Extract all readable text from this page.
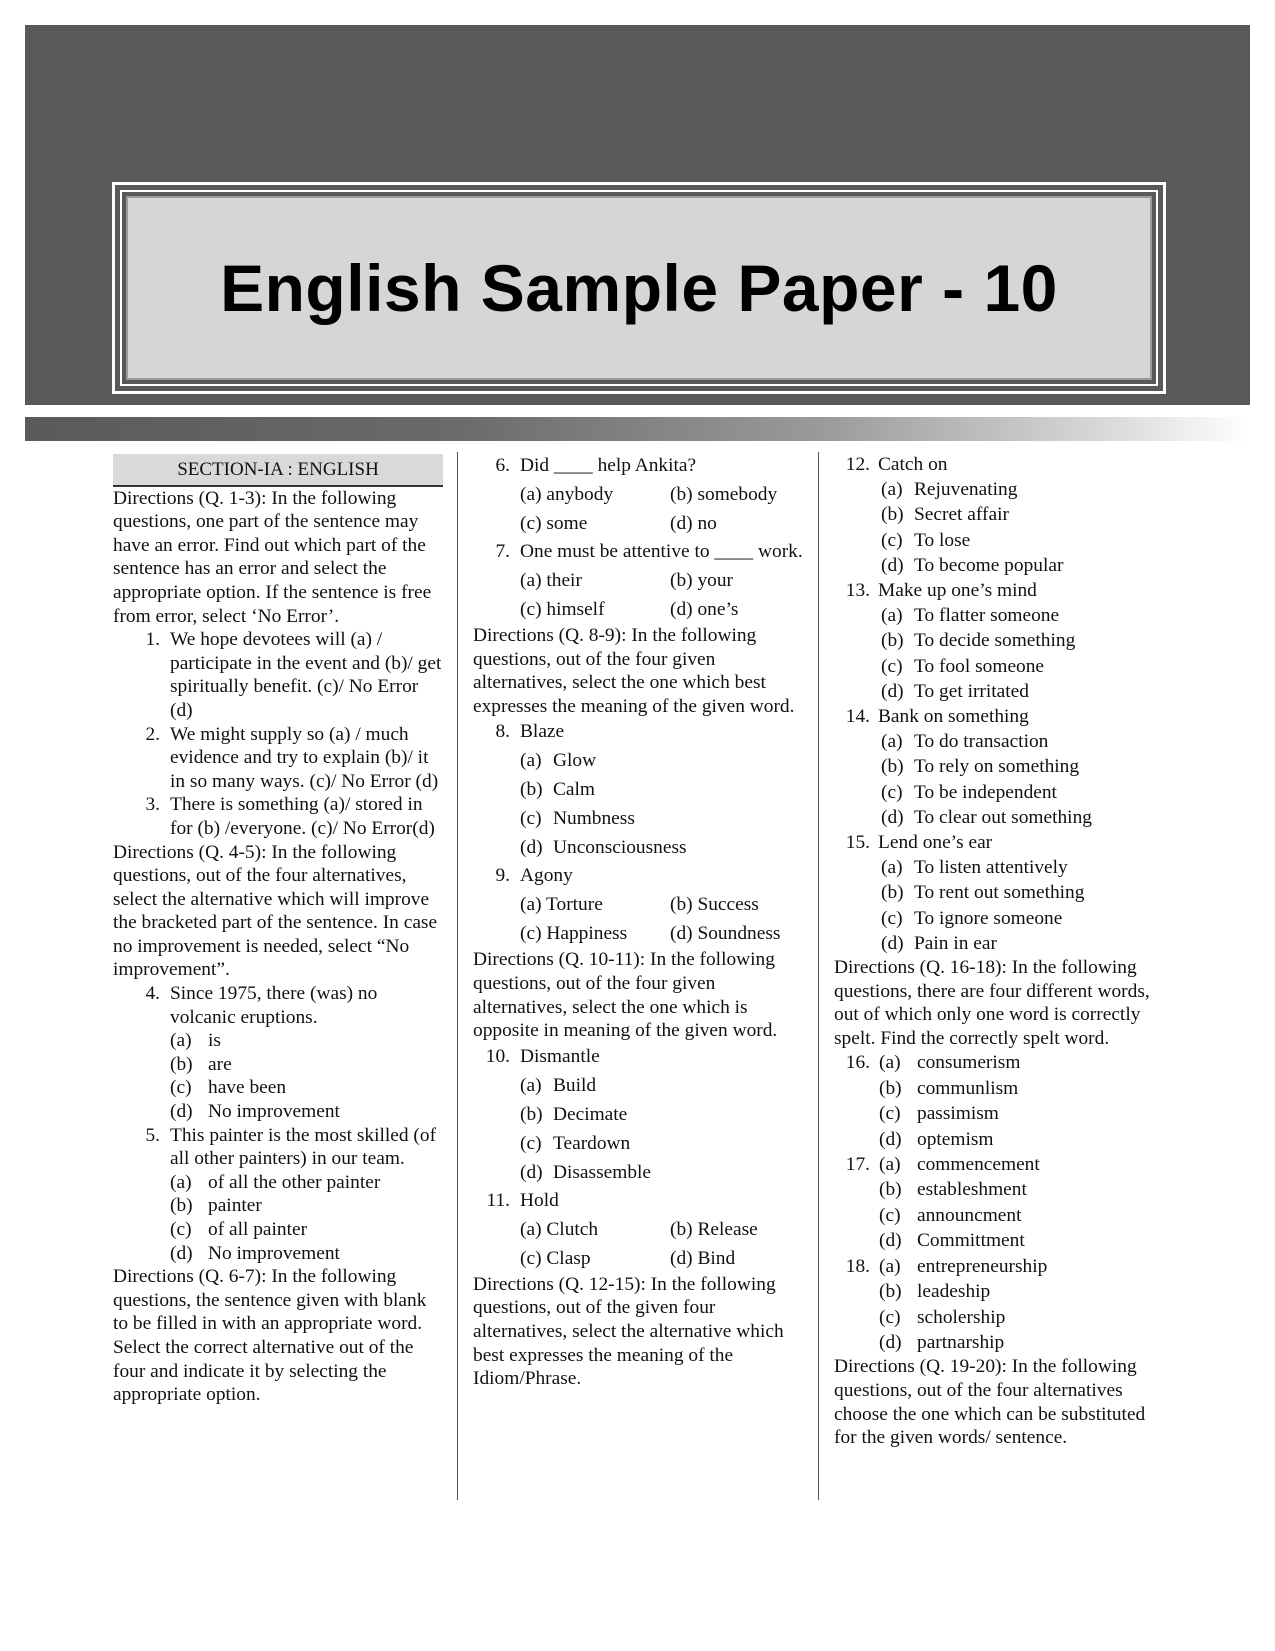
English Sample Paper - 10
SECTION-IA : ENGLISH
Directions (Q. 1-3): In the following questions, one part of the sentence may have an error. Find out which part of the sentence has an error and select the appropriate option. If the sentence is free from error, select ‘No Error’.
1. We hope devotees will (a) / participate in the event and (b)/ get spiritually benefit. (c)/ No Error (d)
2. We might supply so (a) / much evidence and try to explain (b)/ it in so many ways. (c)/ No Error (d)
3. There is something (a)/ stored in for (b) /everyone. (c)/ No Error(d)
Directions (Q. 4-5): In the following questions, out of the four alternatives, select the alternative which will improve the bracketed part of the sentence. In case no improvement is needed, select “No improvement”.
4. Since 1975, there (was) no volcanic eruptions.
(a) is
(b) are
(c) have been
(d) No improvement
5. This painter is the most skilled (of all other painters) in our team.
(a) of all the other painter
(b) painter
(c) of all painter
(d) No improvement
Directions (Q. 6-7): In the following questions, the sentence given with blank to be filled in with an appropriate word. Select the correct alternative out of the four and indicate it by selecting the appropriate option.
6. Did ____ help Ankita?
(a) anybody	(b) somebody
(c) some	(d) no
7. One must be attentive to ____ work.
(a) their	(b) your
(c) himself	(d) one’s
Directions (Q. 8-9): In the following questions, out of the four given alternatives, select the one which best expresses the meaning of the given word.
8. Blaze
(a) Glow
(b) Calm
(c) Numbness
(d) Unconsciousness
9. Agony
(a) Torture	(b) Success
(c) Happiness	(d) Soundness
Directions (Q. 10-11): In the following questions, out of the four given alternatives, select the one which is opposite in meaning of the given word.
10. Dismantle
(a) Build
(b) Decimate
(c) Teardown
(d) Disassemble
11. Hold
(a) Clutch	(b) Release
(c) Clasp	(d) Bind
Directions (Q. 12-15): In the following questions, out of the given four alternatives, select the alternative which best expresses the meaning of the Idiom/Phrase.
12. Catch on
(a) Rejuvenating
(b) Secret affair
(c) To lose
(d) To become popular
13. Make up one’s mind
(a) To flatter someone
(b) To decide something
(c) To fool someone
(d) To get irritated
14. Bank on something
(a) To do transaction
(b) To rely on something
(c) To be independent
(d) To clear out something
15. Lend one’s ear
(a) To listen attentively
(b) To rent out something
(c) To ignore someone
(d) Pain in ear
Directions (Q. 16-18): In the following questions, there are four different words, out of which only one word is correctly spelt. Find the correctly spelt word.
16. (a) consumerism
(b) communlism
(c) passimism
(d) optemism
17. (a) commencement
(b) estableshment
(c) announcment
(d) Committment
18. (a) entrepreneurship
(b) leadeship
(c) scholership
(d) partnarship
Directions (Q. 19-20): In the following questions, out of the four alternatives choose the one which can be substituted for the given words/ sentence.
